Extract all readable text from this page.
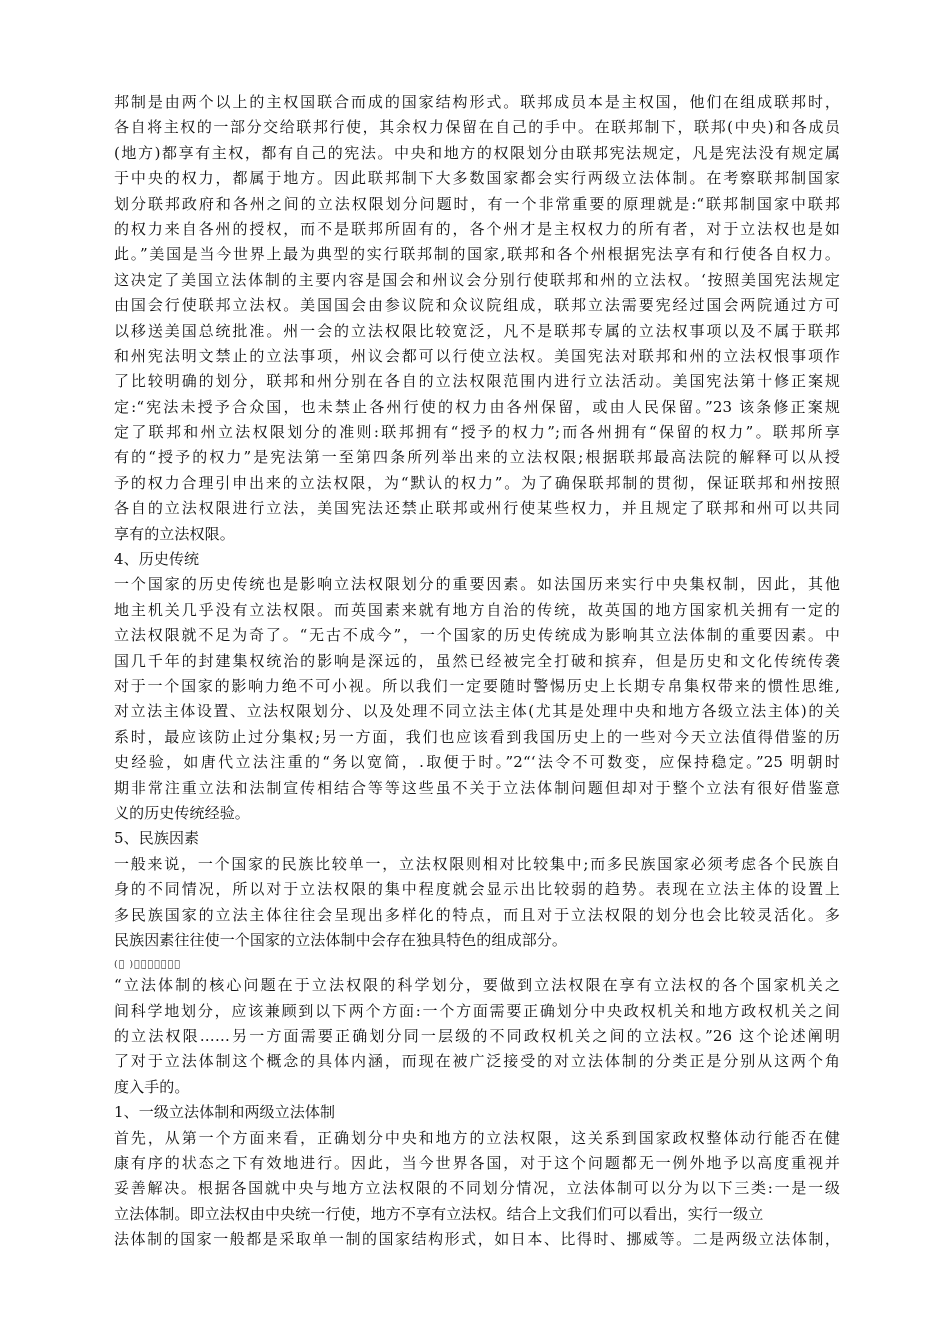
邦制是由两个以上的主权国联合而成的国家结构形式。联邦成员本是主权国，他们在组成联邦时，
各自将主权的一部分交给联邦行使，其余权力保留在自己的手中。在联邦制下，联邦(中央)和各成员
(地方)都享有主权，都有自己的宪法。中央和地方的权限划分由联邦宪法规定，凡是宪法没有规定属
于中央的权力，都属于地方。因此联邦制下大多数国家都会实行两级立法体制。在考察联邦制国家
划分联邦政府和各州之间的立法权限划分问题时，有一个非常重要的原理就是:“联邦制国家中联邦
的权力来自各州的授权，而不是联邦所固有的，各个州才是主权权力的所有者，对于立法权也是如
此。”美国是当今世界上最为典型的实行联邦制的国家,联邦和各个州根据宪法享有和行使各自权力。
这决定了美国立法体制的主要内容是国会和州议会分别行使联邦和州的立法权。‘按照美国宪法规定
由国会行使联邦立法权。美国国会由参议院和众议院组成，联邦立法需要宪经过国会两院通过方可
以移送美国总统批准。州一会的立法权限比较宽泛，凡不是联邦专属的立法权事项以及不属于联邦
和州宪法明文禁止的立法事项，州议会都可以行使立法权。美国宪法对联邦和州的立法权恨事项作
了比较明确的划分，联邦和州分别在各自的立法权限范围内进行立法活动。美国宪法第十修正案规
定:“宪法未授予合众国，也未禁止各州行使的权力由各州保留，或由人民保留。”23 该条修正案规
定了联邦和州立法权限划分的准则:联邦拥有“授予的权力”;而各州拥有“保留的权力”。联邦所享
有的“授予的权力”是宪法第一至第四条所列举出来的立法权限;根据联邦最高法院的解释可以从授
予的权力合理引申出来的立法权限，为“默认的权力”。为了确保联邦制的贯彻，保证联邦和州按照
各自的立法权限进行立法，美国宪法还禁止联邦或州行使某些权力，并且规定了联邦和州可以共同
享有的立法权限。
4、历史传统
一个国家的历史传统也是影响立法权限划分的重要因素。如法国历来实行中央集权制，因此，其他
地主机关几乎没有立法权限。而英国素来就有地方自治的传统，故英国的地方国家机关拥有一定的
立法权限就不足为奇了。“无古不成今”，一个国家的历史传统成为影响其立法体制的重要因素。中
国几千年的封建集权统治的影响是深远的，虽然已经被完全打破和摈弃，但是历史和文化传统传袭
对于一个国家的影响力绝不可小视。所以我们一定要随时警惕历史上长期专帛集权带来的惯性思维,
对立法主体设置、立法权限划分、以及处理不同立法主体(尤其是处理中央和地方各级立法主体)的关
系时，最应该防止过分集权;另一方面，我们也应该看到我国历史上的一些对今天立法值得借鉴的历
史经验，如唐代立法注重的“务以宽简，.取便于时。”2“‘法令不可数变，应保持稳定。”25 明朝时
期非常注重立法和法制宣传相结合等等这些虽不关于立法体制问题但却对于整个立法有很好借鉴意
义的历史传统经验。
5、民族因素
一般来说，一个国家的民族比较单一，立法权限则相对比较集中;而多民族国家必须考虑各个民族自
身的不同情况，所以对于立法权限的集中程度就会显示出比较弱的趋势。表现在立法主体的设置上
多民族国家的立法主体往往会呈现出多样化的特点，而且对于立法权限的划分也会比较灵活化。多
民族因素往往使一个国家的立法体制中会存在独具特色的组成部分。
(  )       
“立法体制的核心问题在于立法权限的科学划分，要做到立法权限在享有立法权的各个国家机关之
间科学地划分，应该兼顾到以下两个方面:一个方面需要正确划分中央政权机关和地方政权机关之间
的立法权限……另一方面需要正确划分同一层级的不同政权机关之间的立法权。”26 这个论述阐明
了对于立法体制这个概念的具体内涵，而现在被广泛接受的对立法体制的分类正是分别从这两个角
度入手的。
1、一级立法体制和两级立法体制
首先，从第一个方面来看，正确划分中央和地方的立法权限，这关系到国家政权整体动行能否在健
康有序的状态之下有效地进行。因此，当今世界各国，对于这个问题都无一例外地予以高度重视并
妥善解决。根据各国就中央与地方立法权限的不同划分情况，立法体制可以分为以下三类:一是一级
立法体制。即立法权由中央统一行使，地方不享有立法权。结合上文我们们可以看出，实行一级立
法体制的国家一般都是采取单一制的国家结构形式，如日本、比得时、挪威等。二是两级立法体制，
